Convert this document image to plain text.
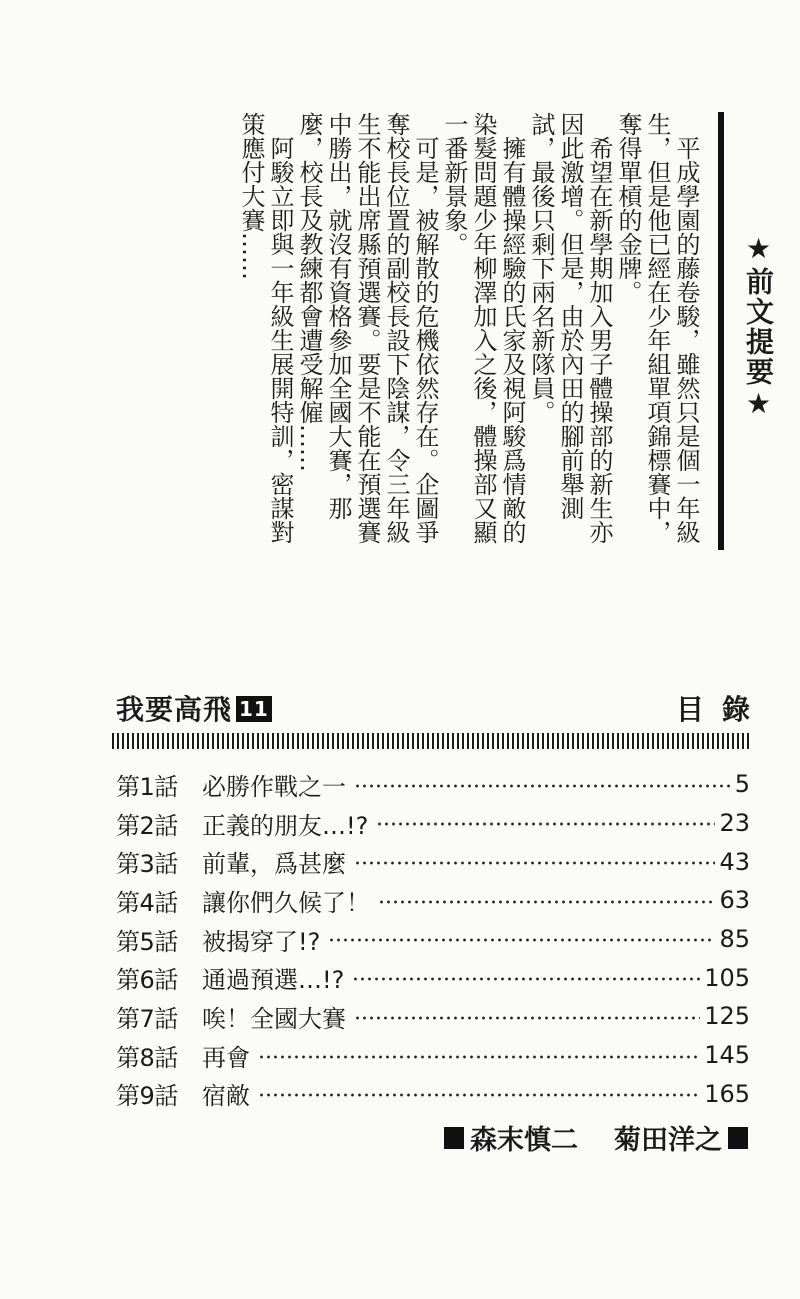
★前文提要★

平成學園的藤卷駿，雖然只是個一年級生，但是他已經在少年組單項錦標賽中，奪得單槓的金牌。

希望在新學期加入男子體操部的新生亦因此激增。但是，由於內田的腳前舉測試，最後只剩下兩名新隊員。

擁有體操經驗的氏家及視阿駿爲情敵的染髮問題少年柳澤加入之後，體操部又顯一番新景象。

可是，被解散的危機依然存在。企圖爭奪校長位置的副校長設下陰謀，令三年級生不能出席縣預選賽。要是不能在預選賽中勝出，就沒有資格參加全國大賽，那麼，校長及教練都會遭受解僱……

阿駿立即與一年級生展開特訓，密謀對策應付大賽……

我要高飛 11	目錄
第1話	必勝作戰之一	5
第2話	正義的朋友…!?	23
第3話	前輩，爲甚麼	43
第4話	讓你們久候了！	63
第5話	被揭穿了!?	85
第6話	通過預選…!?	105
第7話	唉！全國大賽	125
第8話	再會	145
第9話	宿敵	165
森末慎二 菊田洋之
